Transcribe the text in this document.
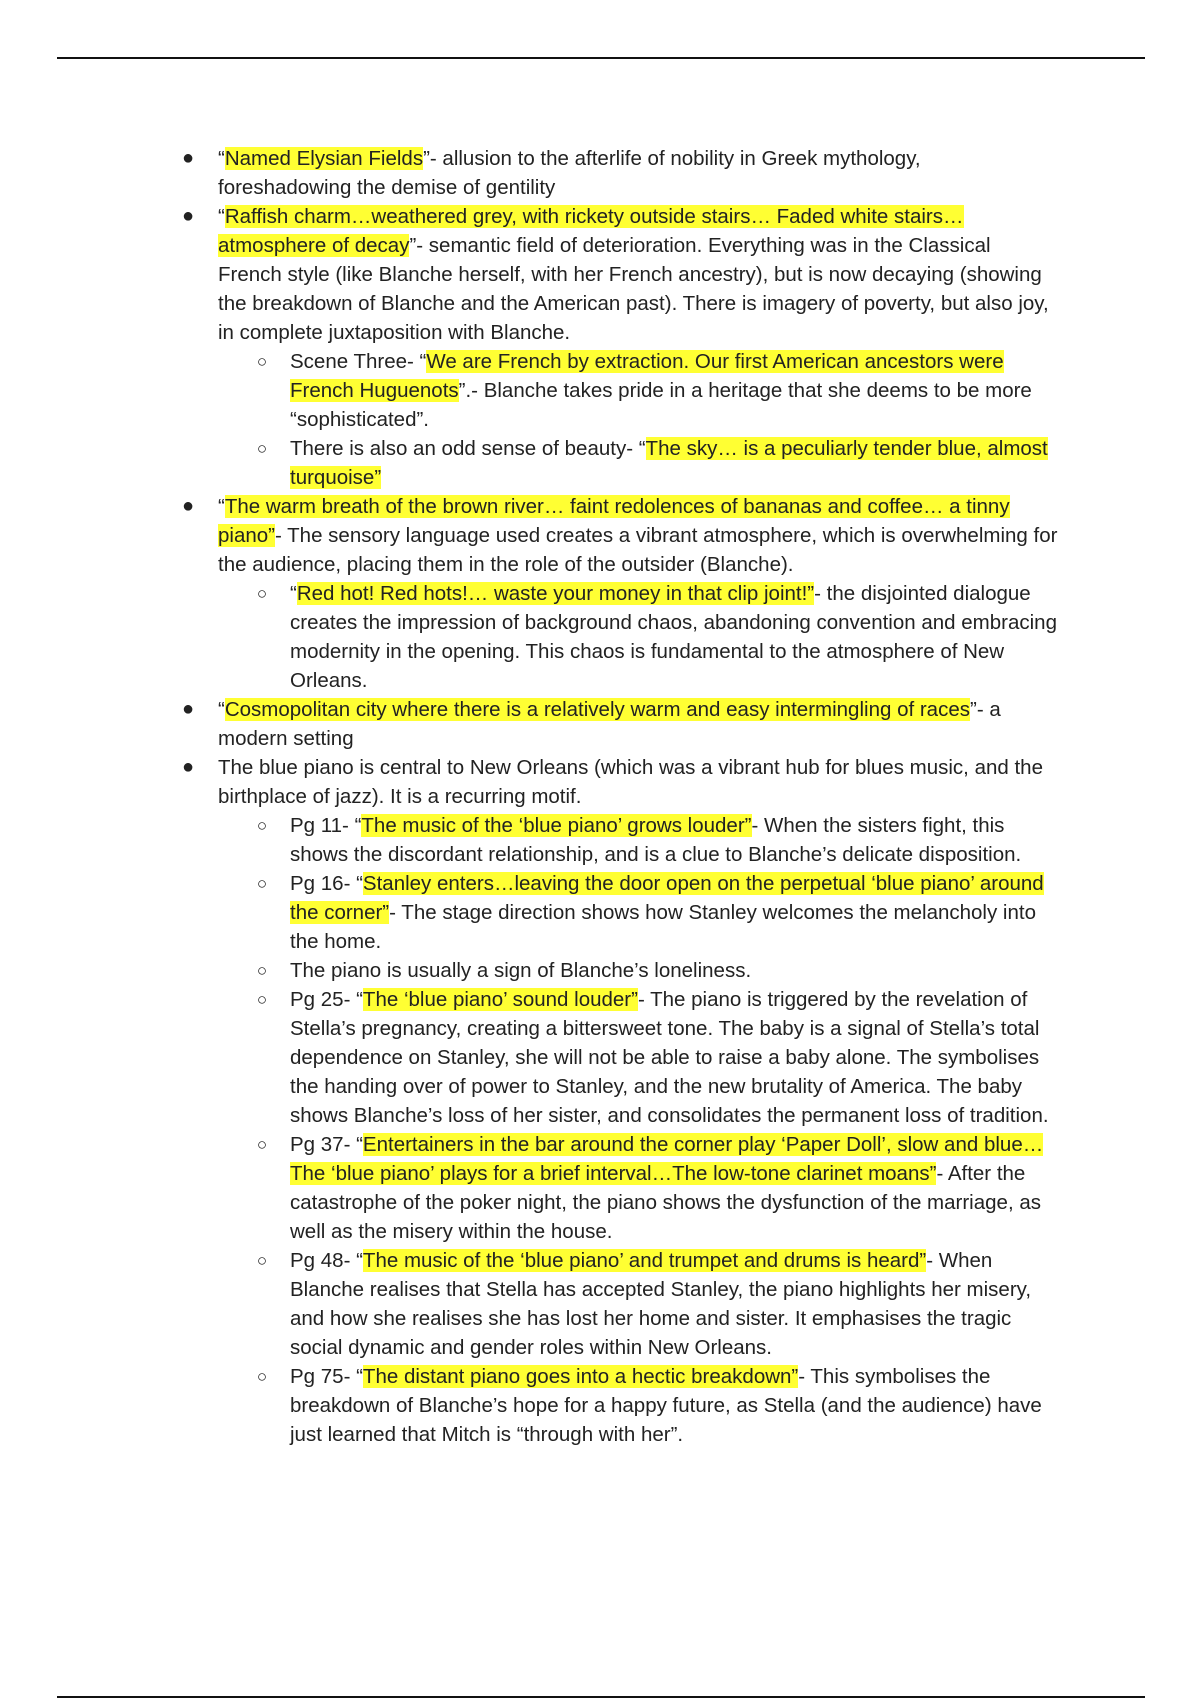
● “Named Elysian Fields”- allusion to the afterlife of nobility in Greek mythology, foreshadowing the demise of gentility
● “Raffish charm…weathered grey, with rickety outside stairs… Faded white stairs… atmosphere of decay”- semantic field of deterioration. Everything was in the Classical French style (like Blanche herself, with her French ancestry), but is now decaying (showing the breakdown of Blanche and the American past). There is imagery of poverty, but also joy, in complete juxtaposition with Blanche.
○ Scene Three- “We are French by extraction. Our first American ancestors were French Huguenots”.- Blanche takes pride in a heritage that she deems to be more “sophisticated”.
○ There is also an odd sense of beauty- “The sky… is a peculiarly tender blue, almost turquoise”
● “The warm breath of the brown river… faint redolences of bananas and coffee… a tinny piano”- The sensory language used creates a vibrant atmosphere, which is overwhelming for the audience, placing them in the role of the outsider (Blanche).
○ “Red hot! Red hots!… waste your money in that clip joint!”- the disjointed dialogue creates the impression of background chaos, abandoning convention and embracing modernity in the opening. This chaos is fundamental to the atmosphere of New Orleans.
● “Cosmopolitan city where there is a relatively warm and easy intermingling of races”- a modern setting
● The blue piano is central to New Orleans (which was a vibrant hub for blues music, and the birthplace of jazz). It is a recurring motif.
○ Pg 11- “The music of the ‘blue piano’ grows louder”- When the sisters fight, this shows the discordant relationship, and is a clue to Blanche’s delicate disposition.
○ Pg 16- “Stanley enters…leaving the door open on the perpetual ‘blue piano’ around the corner”- The stage direction shows how Stanley welcomes the melancholy into the home.
○ The piano is usually a sign of Blanche’s loneliness.
○ Pg 25- “The ‘blue piano’ sound louder”- The piano is triggered by the revelation of Stella’s pregnancy, creating a bittersweet tone. The baby is a signal of Stella’s total dependence on Stanley, she will not be able to raise a baby alone. The symbolises the handing over of power to Stanley, and the new brutality of America. The baby shows Blanche’s loss of her sister, and consolidates the permanent loss of tradition.
○ Pg 37- “Entertainers in the bar around the corner play ‘Paper Doll’, slow and blue… The ‘blue piano’ plays for a brief interval…The low-tone clarinet moans”- After the catastrophe of the poker night, the piano shows the dysfunction of the marriage, as well as the misery within the house.
○ Pg 48- “The music of the ‘blue piano’ and trumpet and drums is heard”- When Blanche realises that Stella has accepted Stanley, the piano highlights her misery, and how she realises she has lost her home and sister. It emphasises the tragic social dynamic and gender roles within New Orleans.
○ Pg 75- “The distant piano goes into a hectic breakdown”- This symbolises the breakdown of Blanche’s hope for a happy future, as Stella (and the audience) have just learned that Mitch is “through with her”.
